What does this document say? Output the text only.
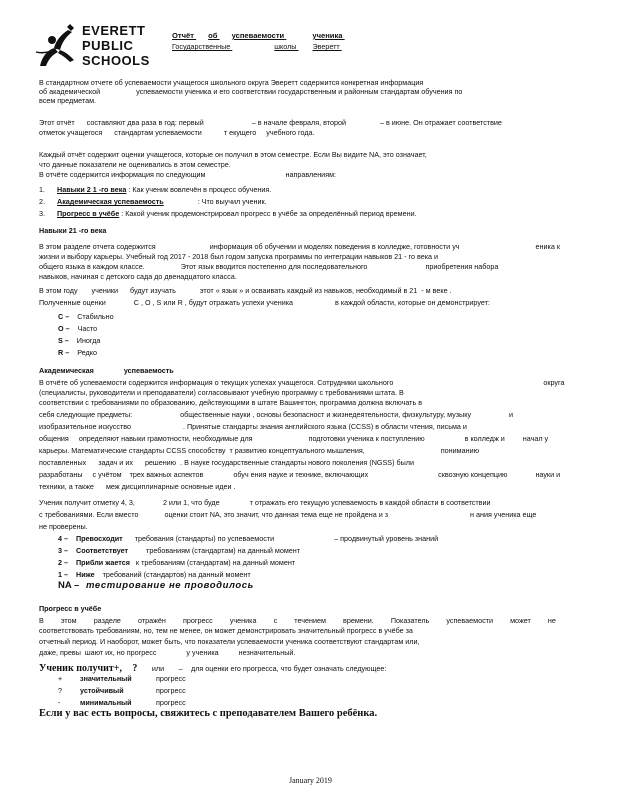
EVERETT
PUBLIC
SCHOOLS
Отчёт об успеваемости	ученика
Государственные	школы Эверетт
В стандартном отчете об успеваемости учащегося школьного округа Эверетт содержится конкретная информация
об академической	успеваемости ученика и его соответствии государственным и районным стандартам обучения по
всем предметам.
Этот отчёт составляют два раза в год: первый	– в начале февраля, второй	– в июне. Он отражает соответствие
отметок учащегося стандартам успеваемости	т екущего учебного года.
Каждый отчёт содержит оценки учащегося, которые он получил в этом семестре. Если Вы видите NA, это означает,
что данные показатели не оценивались в этом семестре.
В отчёте содержится информация по следующим	направлениям:
1. Навыки 2 1 -го века : Как ученик вовлечён в процесс обучения.
2. Академическая успеваемость	: Что выучил ученик.
3. Прогресс в учёбе : Какой ученик продемонстрировал прогресс в учёбе за определённый период времени.
Навыки 21 -го века
В этом разделе отчета содержится	информация об обучении и моделях поведения в колледже, готовности уч	еника к
жизни и выбору карьеры. Учебный год 2017 - 2018 был годом запуска программы по интеграции навыков 21 - го века и
общего языка в каждом классе.	Этот язык вводится постепенно для последовательного	приобретения набора
навыков, начиная с детского сада до двенадцатого класса.
В этом году ученики будут изучать	этот « язык » и осваивать каждый из навыков, необходимый в 21 - м веке .
Полученные оценки	C , O , S или R , будут отражать успехи ученика	в каждой области, которые он демонстрирует:
C – Стабильно
O – Часто
S – Иногда
R – Редко
Академическая	успеваемость
В отчёте об успеваемости содержится информация о текущих успехах учащегося. Сотрудники школьного	округа
(специалисты, руководители и преподаватели) согласовывают учебную программу с требованиями штата. В
соответствии с требованиями по образованию, действующими в штате Вашингтон, программа должна включать в
себя следующие предметы:	общественные науки , основы безопасност и жизнедеятельности, физкультуру, музыку	и
изобразительное искусство	. Принятые стандарты знания английского языка (CCSS) в области чтения, письма и
общения определяют навыки грамотности, необходимые для	подготовки ученика к поступлению	в колледж и	начал у
карьеры. Математические стандарты CCSS способству т развитию концептуального мышления,	пониманию
поставленных задач и их решению . В науке государственные стандарты нового поколения (NGSS) были
разработаны с учётом трех важных аспектов	обуч ения науке и технике, включающих	сквозную концепцию	науки и
техники, а также меж дисциплинарные основные идеи .
Ученик получит отметку 4, 3,	2 или 1, что буде	т отражать его текущую успеваемость в каждой области в соответствии
с требованиями. Если вместо	оценки стоит NA, это значит, что данная тема еще не пройдена и з	н ания ученика еще
не проверены.
4 – Превосходит требования (стандарты) по успеваемости	– продвинутый уровень знаний
3 – Соответствует	требованиям (стандартам) на данный момент
2 – Прибли жается к требованиям (стандартам) на данный момент
1 – Ниже требований (стандартов) на данный момент
NA – тестирование не проводилось
Прогресс в учёбе
В этом разделе отражён прогресс ученика с течением времени. Показатель успеваемости может не
соответствовать требованиям, но, тем не менее, он может демонстрировать значительный прогресс в учёбе за
отчетный период. И наоборот, может быть, что показатели успеваемости ученика соответствуют стандартам или,
даже, превы шают их, но прогресс	у ученика	незначительный.
Ученик получит+, ? или – для оценки его прогресса, что будет означать следующее:
+ значительный	прогресс
?	устойчивый	прогресс
-	минимальный	прогресс
Если у вас есть вопросы, свяжитесь с преподавателем Вашего ребёнка.
January 2019
